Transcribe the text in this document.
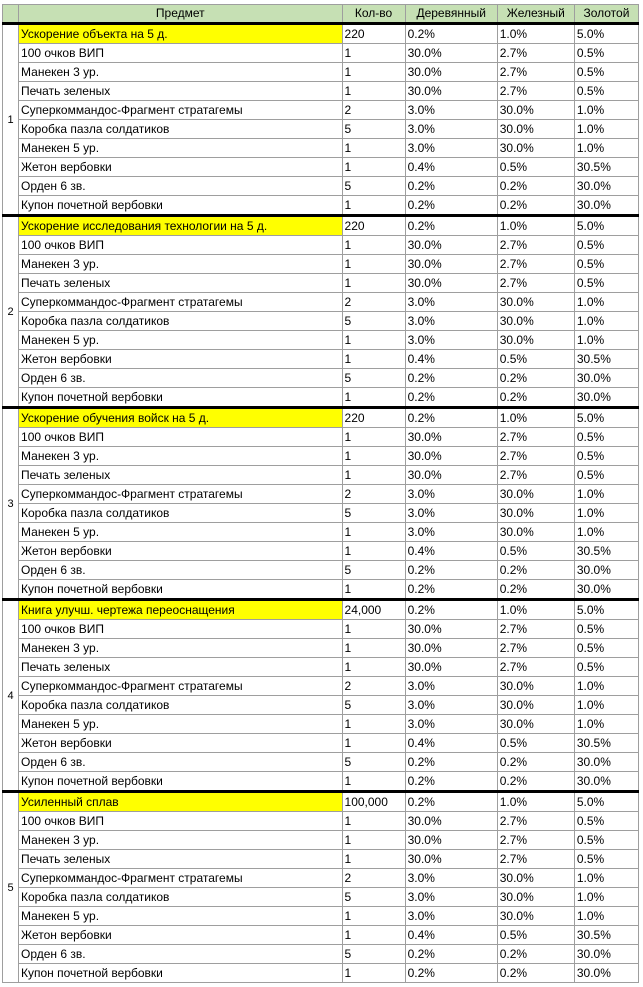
	Предмет	Кол-во	Деревянный	Железный	Золотой
1	Ускорение объекта на 5 д.	220	0.2%	1.0%	5.0%
	100 очков ВИП	1	30.0%	2.7%	0.5%
	Манекен 3 ур.	1	30.0%	2.7%	0.5%
	Печать зеленых	1	30.0%	2.7%	0.5%
	Суперкоммандос-Фрагмент стратагемы	2	3.0%	30.0%	1.0%
	Коробка пазла солдатиков	5	3.0%	30.0%	1.0%
	Манекен 5 ур.	1	3.0%	30.0%	1.0%
	Жетон вербовки	1	0.4%	0.5%	30.5%
	Орден 6 зв.	5	0.2%	0.2%	30.0%
	Купон почетной вербовки	1	0.2%	0.2%	30.0%
2	Ускорение исследования технологии на 5 д.	220	0.2%	1.0%	5.0%
	100 очков ВИП	1	30.0%	2.7%	0.5%
	Манекен 3 ур.	1	30.0%	2.7%	0.5%
	Печать зеленых	1	30.0%	2.7%	0.5%
	Суперкоммандос-Фрагмент стратагемы	2	3.0%	30.0%	1.0%
	Коробка пазла солдатиков	5	3.0%	30.0%	1.0%
	Манекен 5 ур.	1	3.0%	30.0%	1.0%
	Жетон вербовки	1	0.4%	0.5%	30.5%
	Орден 6 зв.	5	0.2%	0.2%	30.0%
	Купон почетной вербовки	1	0.2%	0.2%	30.0%
3	Ускорение обучения войск на 5 д.	220	0.2%	1.0%	5.0%
	100 очков ВИП	1	30.0%	2.7%	0.5%
	Манекен 3 ур.	1	30.0%	2.7%	0.5%
	Печать зеленых	1	30.0%	2.7%	0.5%
	Суперкоммандос-Фрагмент стратагемы	2	3.0%	30.0%	1.0%
	Коробка пазла солдатиков	5	3.0%	30.0%	1.0%
	Манекен 5 ур.	1	3.0%	30.0%	1.0%
	Жетон вербовки	1	0.4%	0.5%	30.5%
	Орден 6 зв.	5	0.2%	0.2%	30.0%
	Купон почетной вербовки	1	0.2%	0.2%	30.0%
4	Книга улучш. чертежа переоснащения	24,000	0.2%	1.0%	5.0%
	100 очков ВИП	1	30.0%	2.7%	0.5%
	Манекен 3 ур.	1	30.0%	2.7%	0.5%
	Печать зеленых	1	30.0%	2.7%	0.5%
	Суперкоммандос-Фрагмент стратагемы	2	3.0%	30.0%	1.0%
	Коробка пазла солдатиков	5	3.0%	30.0%	1.0%
	Манекен 5 ур.	1	3.0%	30.0%	1.0%
	Жетон вербовки	1	0.4%	0.5%	30.5%
	Орден 6 зв.	5	0.2%	0.2%	30.0%
	Купон почетной вербовки	1	0.2%	0.2%	30.0%
5	Усиленный сплав	100,000	0.2%	1.0%	5.0%
	100 очков ВИП	1	30.0%	2.7%	0.5%
	Манекен 3 ур.	1	30.0%	2.7%	0.5%
	Печать зеленых	1	30.0%	2.7%	0.5%
	Суперкоммандос-Фрагмент стратагемы	2	3.0%	30.0%	1.0%
	Коробка пазла солдатиков	5	3.0%	30.0%	1.0%
	Манекен 5 ур.	1	3.0%	30.0%	1.0%
	Жетон вербовки	1	0.4%	0.5%	30.5%
	Орден 6 зв.	5	0.2%	0.2%	30.0%
	Купон почетной вербовки	1	0.2%	0.2%	30.0%
